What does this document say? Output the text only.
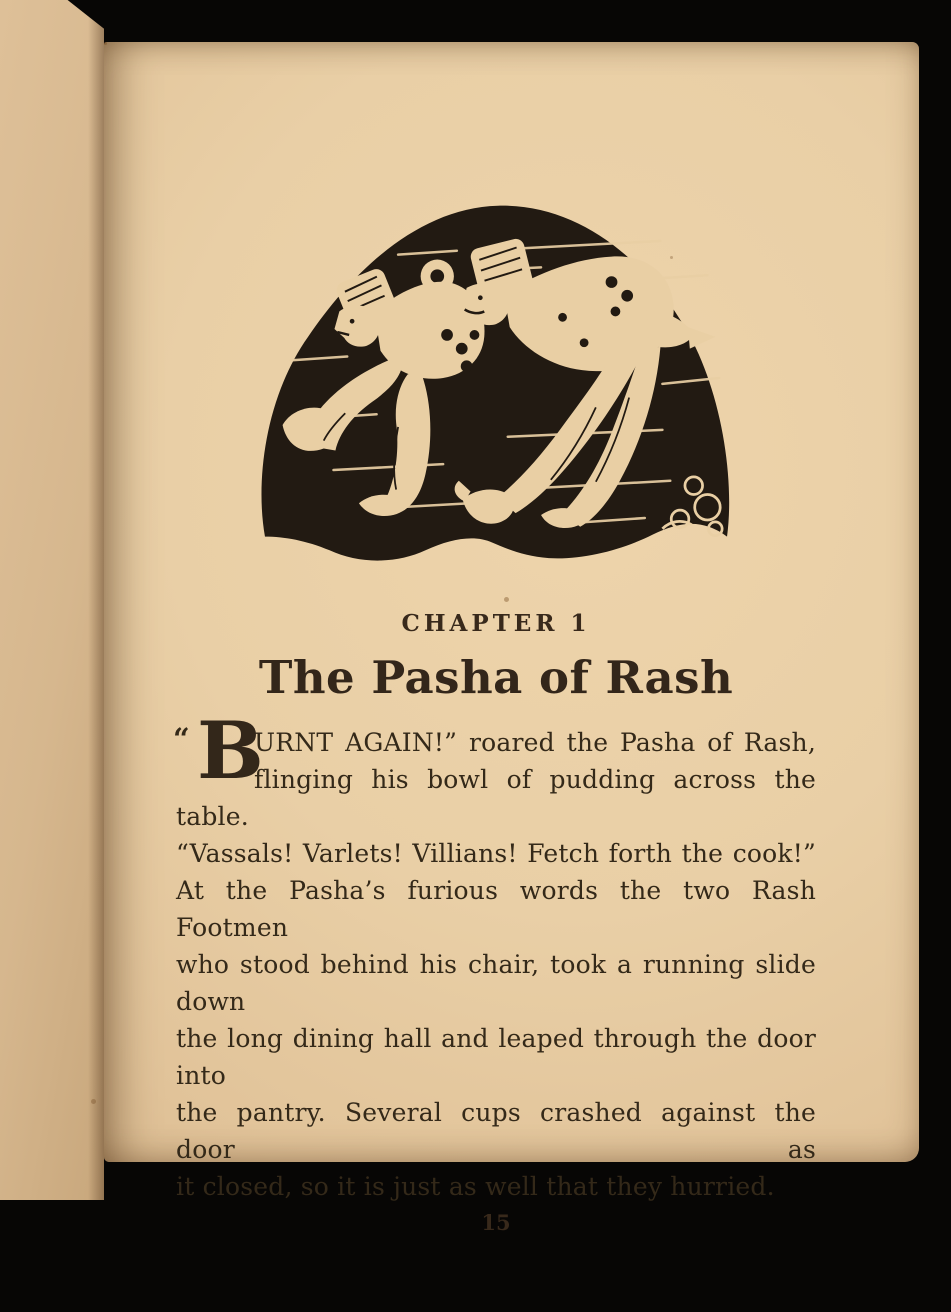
CHAPTER 1
The Pasha of Rash
“ B
URNT AGAIN!” roared the Pasha of Rash,
flinging his bowl of pudding across the table.
“Vassals! Varlets! Villians! Fetch forth the cook!”
At the Pasha’s furious words the two Rash Footmen
who stood behind his chair, took a running slide down
the long dining hall and leaped through the door into
the pantry. Several cups crashed against the door as
it closed, so it is just as well that they hurried.
15
